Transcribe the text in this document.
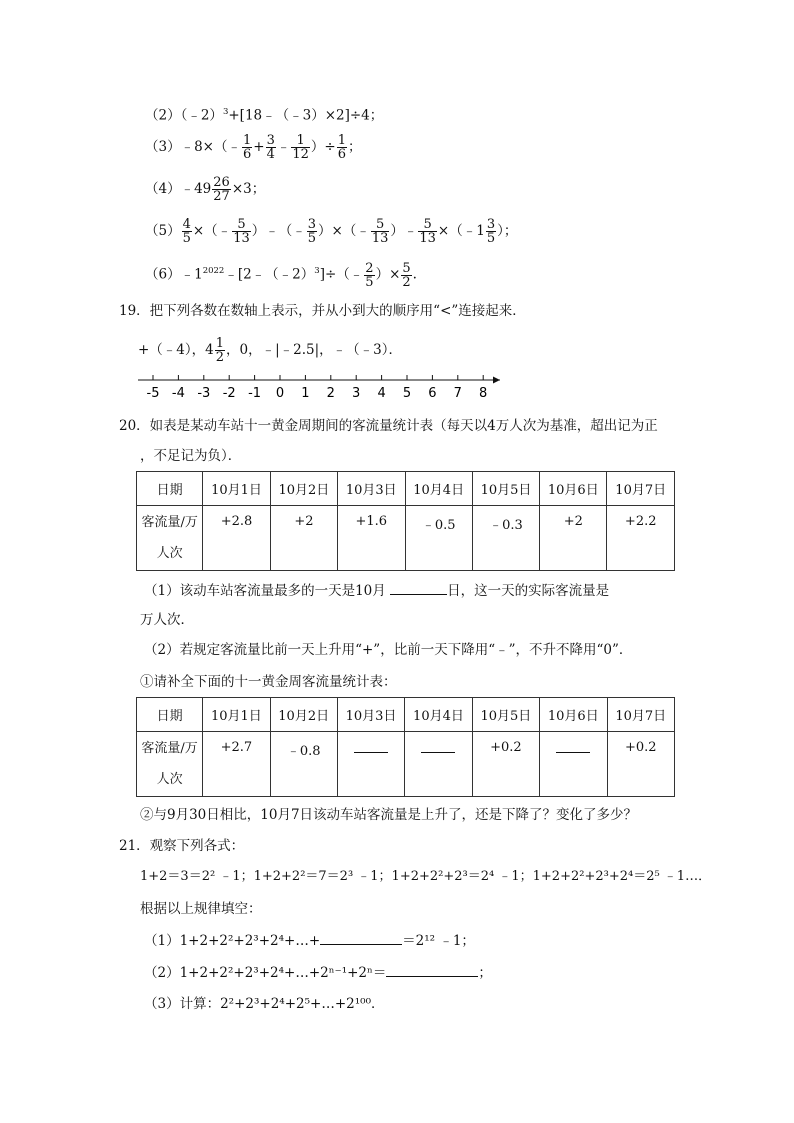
（2）（﹣2）$^3$+[18﹣（﹣3）×2]÷4；
（3）﹣8×（﹣ $\frac{1}{6} + \frac{3}{4}$ ﹣ $\frac{1}{12}$ ）÷ $\frac{1}{6}$ ；
（4）﹣49 $\frac{26}{27} \times 3$；
$(5) \frac{4}{5}$ ×（﹣ $\frac{5}{13}$ ）﹣（﹣ $\frac{3}{5}$ ）×（﹣ $\frac{5}{13}$ ）﹣ $\frac{5}{13}$ ×（﹣1 $\frac{3}{5}$ ）；
$(6)﹣1^{2022}﹣[2﹣(﹣2)^3]\div(﹣ \frac{2}{5}$ ）× $\frac{5}{2}$ .
19．把下列各数在数轴上表示，并从小到大的顺序用“<”连接起来．
+（﹣4），$4 \frac{1}{2}$ ，0，﹣|﹣2.5|，﹣（﹣3）．
-5 -4 -3 -2 -1 0 1 2 3 4 5 6 7 8
20．如表是某动车站十一黄金周期间的客流量统计表（每天以4万人次为基准，超出记为正
，不足记为负）．
日期	10月1日	10月2日	10月3日	10月4日	10月5日	10月6日	10月7日

客流量/万
人次	+2.8	+2	+1.6	﹣0.5	﹣0.3	+2	+2.2
（1）该动车站客流量最多的一天是10月	日，这一天的实际客流量是
万人次．
（2）若规定客流量比前一天上升用“+”，比前一天下降用“﹣”，不升不降用“0”．
①请补全下面的十一黄金周客流量统计表：
日期	10月1日	10月2日	10月3日	10月4日	10月5日	10月6日	10月7日

客流量/万
人次	+2.7	﹣0.8			+0.2		+0.2
②与9月30日相比，10月7日该动车站客流量是上升了，还是下降了？变化了多少？
21．观察下列各式：
1+2＝3＝2² ﹣1；1+2+2²＝7＝2³ ﹣1；1+2+2²+2³＝2⁴ ﹣1；1+2+2²+2³+2⁴＝2⁵ ﹣1…．
根据以上规律填空：
（1）1+2+2²+2³+2⁴+…+	＝2¹² ﹣1；
（2）1+2+2²+2³+2⁴+…+2ⁿ⁻¹+2ⁿ＝	；
（3）计算：2²+2³+2⁴+2⁵+…+2¹⁰⁰．
